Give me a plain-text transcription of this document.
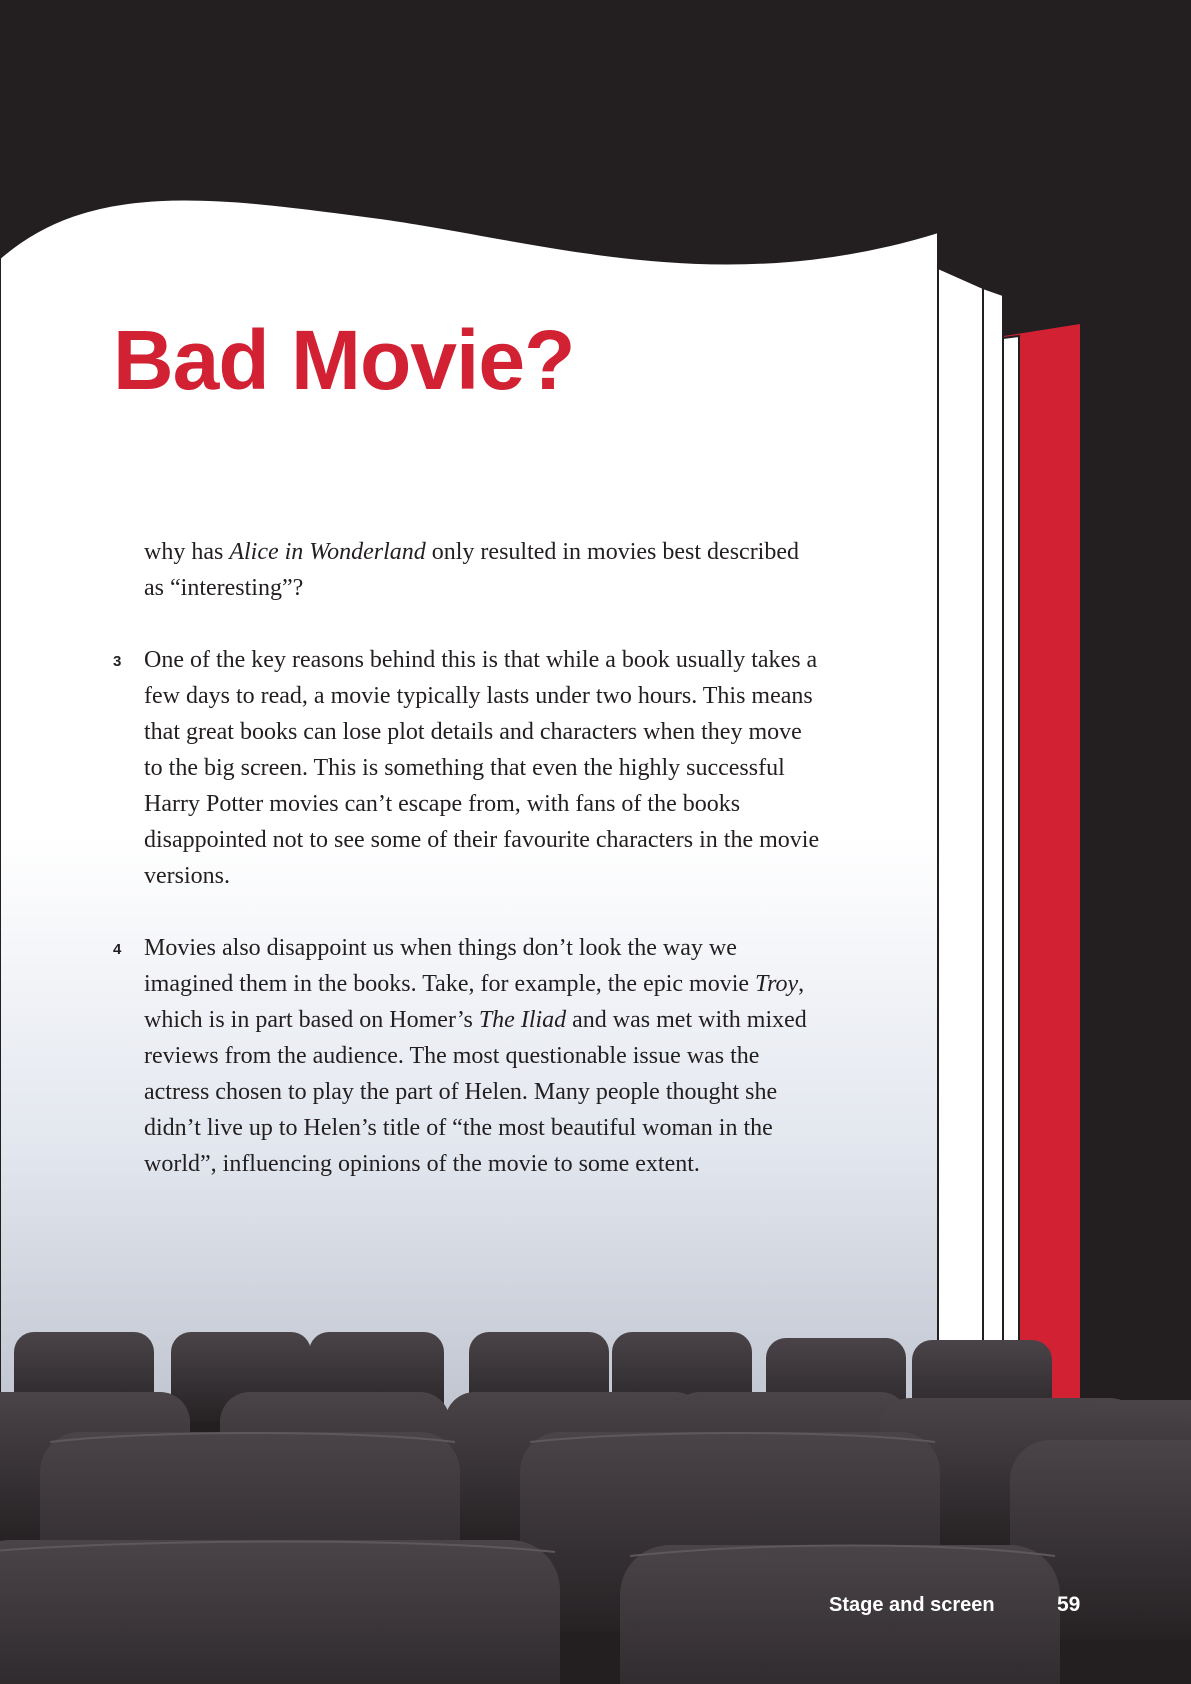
Bad Movie?
why has Alice in Wonderland only resulted in movies best described
as “interesting”?
3 One of the key reasons behind this is that while a book usually takes a
few days to read, a movie typically lasts under two hours. This means
that great books can lose plot details and characters when they move
to the big screen. This is something that even the highly successful
Harry Potter movies can’t escape from, with fans of the books
disappointed not to see some of their favourite characters in the movie
versions.
4 Movies also disappoint us when things don’t look the way we
imagined them in the books. Take, for example, the epic movie Troy,
which is in part based on Homer’s The Iliad and was met with mixed
reviews from the audience. The most questionable issue was the
actress chosen to play the part of Helen. Many people thought she
didn’t live up to Helen’s title of “the most beautiful woman in the
world”, influencing opinions of the movie to some extent.
Stage and screen	59
